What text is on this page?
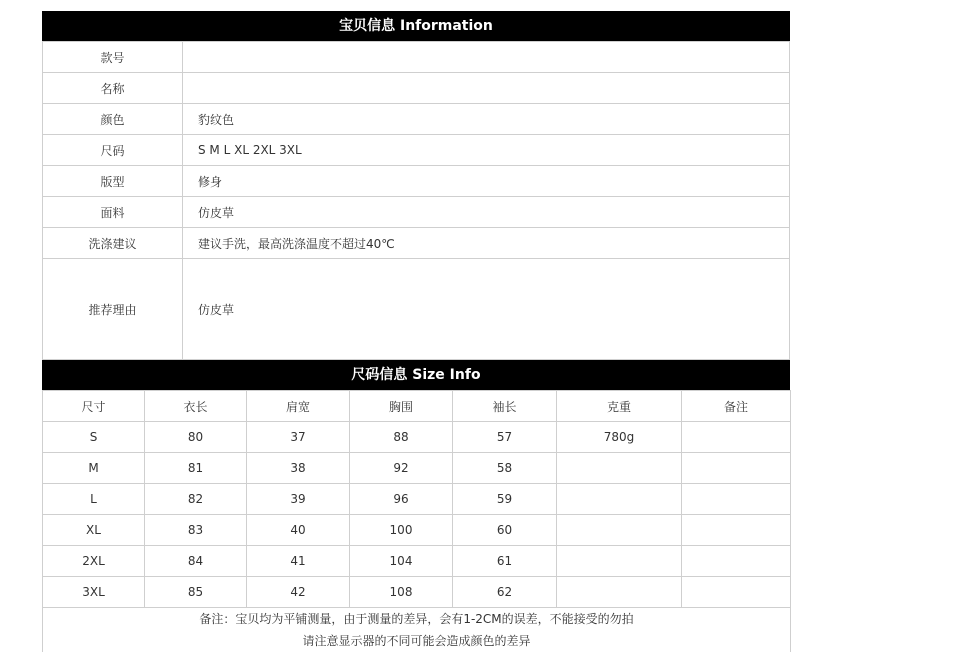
宝贝信息 Information
款号	
名称	
颜色	豹纹色
尺码	S M L XL 2XL 3XL
版型	修身
面料	仿皮草
洗涤建议	建议手洗，最高洗涤温度不超过40℃
推荐理由	仿皮草
尺码信息 Size Info
尺寸	衣长	肩宽	胸围	袖长	克重	备注
S	80	37	88	57	780g	
M	81	38	92	58		
L	82	39	96	59		
XL	83	40	100	60		
2XL	84	41	104	61		
3XL	85	42	108	62		

备注：宝贝均为平铺测量，由于测量的差异，会有1-2CM的误差，不能接受的勿拍
请注意显示器的不同可能会造成颜色的差异						
